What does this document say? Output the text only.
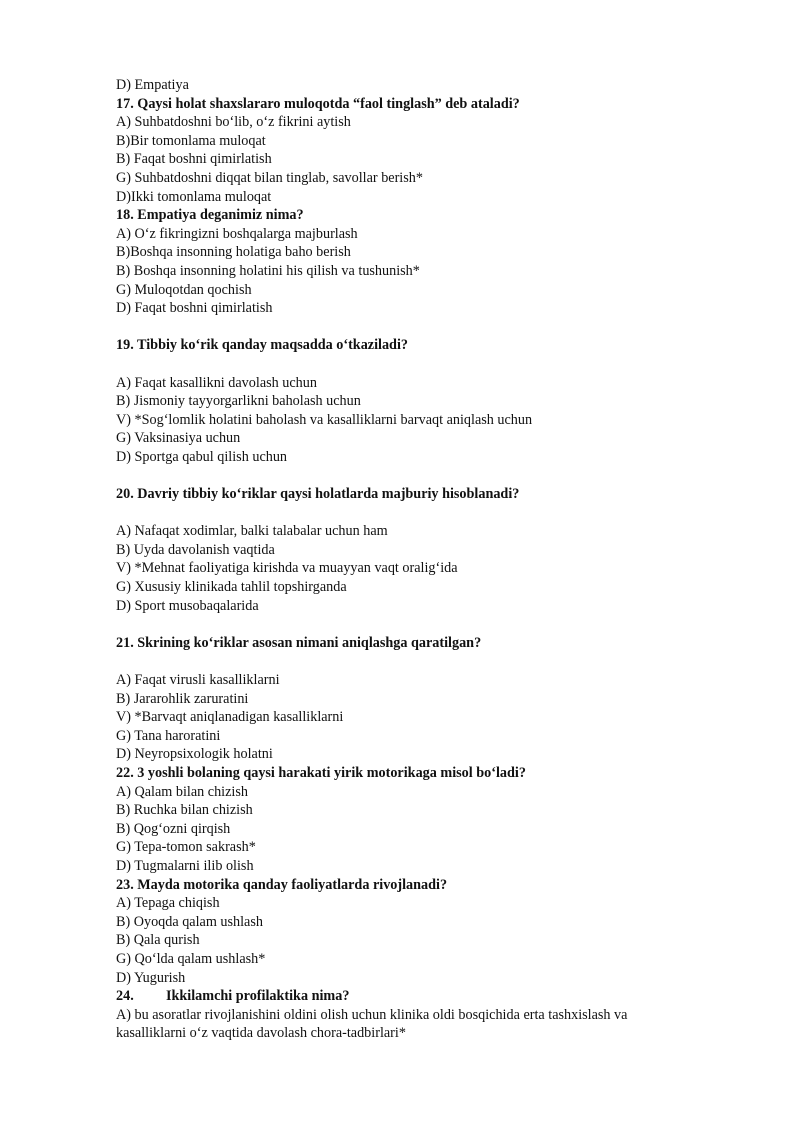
D) Empatiya
17. Qaysi holat shaxslararo muloqotda “faol tinglash” deb ataladi?
A) Suhbatdoshni bo‘lib, o‘z fikrini aytish
B)Bir tomonlama muloqat
B) Faqat boshni qimirlatish
G) Suhbatdoshni diqqat bilan tinglab, savollar berish*
D)Ikki tomonlama muloqat
18. Empatiya deganimiz nima?
A) O‘z fikringizni boshqalarga majburlash
B)Boshqa insonning holatiga baho berish
B) Boshqa insonning holatini his qilish va tushunish*
G) Muloqotdan qochish
D) Faqat boshni qimirlatish
19. Tibbiy ko‘rik qanday maqsadda o‘tkaziladi?
A) Faqat kasallikni davolash uchun
B) Jismoniy tayyorgarlikni baholash uchun
V) *Sog‘lomlik holatini baholash va kasalliklarni barvaqt aniqlash uchun
G) Vaksinasiya uchun
D) Sportga qabul qilish uchun
20. Davriy tibbiy ko‘riklar qaysi holatlarda majburiy hisoblanadi?
A) Nafaqat xodimlar, balki talabalar uchun ham
B) Uyda davolanish vaqtida
V) *Mehnat faoliyatiga kirishda va muayyan vaqt oralig‘ida
G) Xususiy klinikada tahlil topshirganda
D) Sport musobaqalarida
21. Skrining ko‘riklar asosan nimani aniqlashga qaratilgan?
A) Faqat virusli kasalliklarni
B) Jararohlik zaruratini
V) *Barvaqt aniqlanadigan kasalliklarni
G) Tana haroratini
D) Neyropsixologik holatni
22. 3 yoshli bolaning qaysi harakati yirik motorikaga misol bo‘ladi?
A) Qalam bilan chizish
B) Ruchka bilan chizish
B) Qog‘ozni qirqish
G) Tepa-tomon sakrash*
D) Tugmalarni ilib olish
23. Mayda motorika qanday faoliyatlarda rivojlanadi?
A) Tepaga chiqish
B) Oyoqda qalam ushlash
B) Qala qurish
G) Qo‘lda qalam ushlash*
D) Yugurish
24. Ikkilamchi profilaktika nima?
A) bu asoratlar rivojlanishini oldini olish uchun klinika oldi bosqichida erta tashxislash va
kasalliklarni o‘z vaqtida davolash chora-tadbirlari*
